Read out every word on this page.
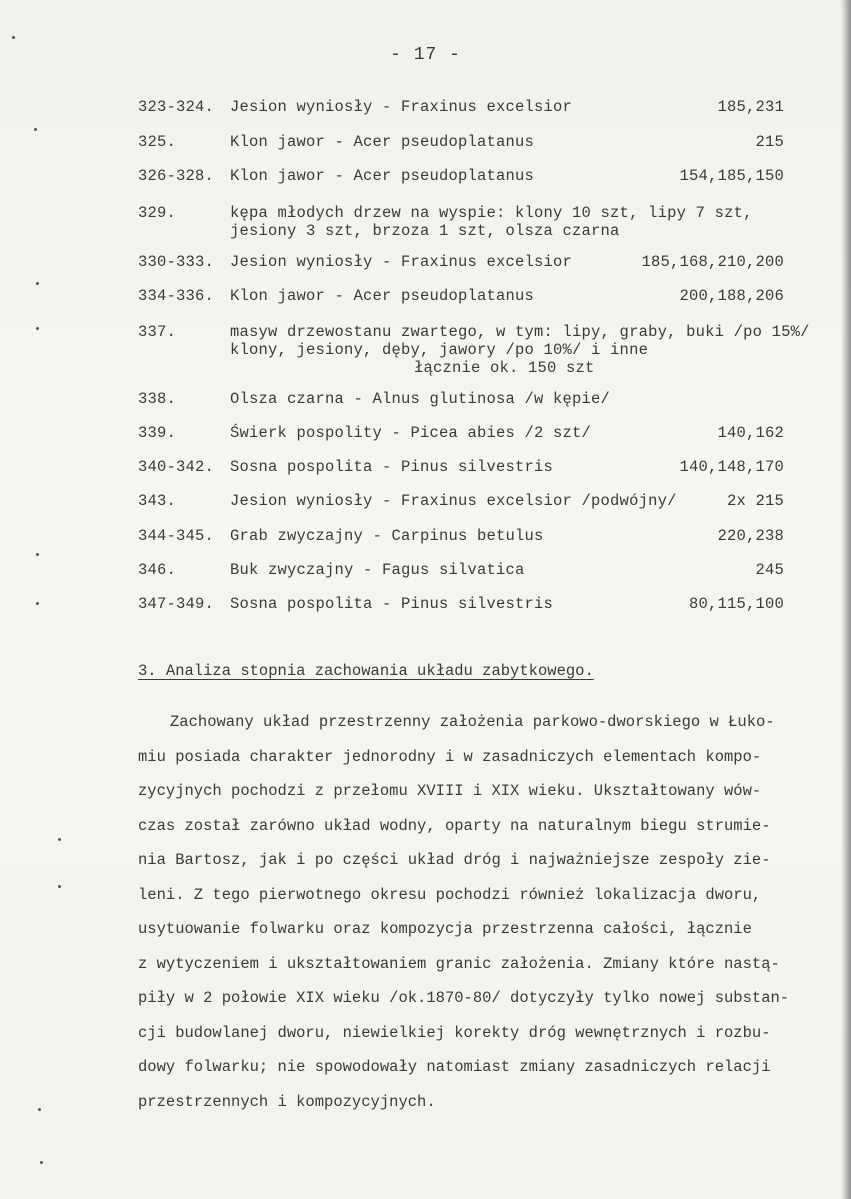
- 17 -
323-324. Jesion wyniosły - Fraxinus excelsior	185,231
325.	Klon jawor - Acer pseudoplatanus	215
326-328. Klon jawor - Acer pseudoplatanus	154,185,150
329.	kępa młodych drzew na wyspie: klony 10 szt, lipy 7 szt,
jesiony 3 szt, brzoza 1 szt, olsza czarna
330-333. Jesion wyniosły - Fraxinus excelsior	185,168,210,200
334-336. Klon jawor - Acer pseudoplatanus	200,188,206
337.	masyw drzewostanu zwartego, w tym: lipy, graby, buki /po 15%/
klony, jesiony, dęby, jawory /po 10%/ i inne
łącznie ok. 150 szt
338.	Olsza czarna - Alnus glutinosa /w kępie/
339.	Świerk pospolity - Picea abies /2 szt/	140,162
340-342. Sosna pospolita - Pinus silvestris	140,148,170
343.	Jesion wyniosły - Fraxinus excelsior /podwójny/	2x 215
344-345. Grab zwyczajny - Carpinus betulus	220,238
346.	Buk zwyczajny - Fagus silvatica	245
347-349. Sosna pospolita - Pinus silvestris	80,115,100
3. Analiza stopnia zachowania układu zabytkowego.
Zachowany układ przestrzenny założenia parkowo-dworskiego w Łuko-
miu posiada charakter jednorodny i w zasadniczych elementach kompo-
zycyjnych pochodzi z przełomu XVIII i XIX wieku. Ukształtowany wów-
czas został zarówno układ wodny, oparty na naturalnym biegu strumie-
nia Bartosz, jak i po części układ dróg i najważniejsze zespoły zie-
leni. Z tego pierwotnego okresu pochodzi również lokalizacja dworu,
usytuowanie folwarku oraz kompozycja przestrzenna całości, łącznie
z wytyczeniem i ukształtowaniem granic założenia. Zmiany które nastą-
piły w 2 połowie XIX wieku /ok.1870-80/ dotyczyły tylko nowej substan-
cji budowlanej dworu, niewielkiej korekty dróg wewnętrznych i rozbu-
dowy folwarku; nie spowodowały natomiast zmiany zasadniczych relacji
przestrzennych i kompozycyjnych.
